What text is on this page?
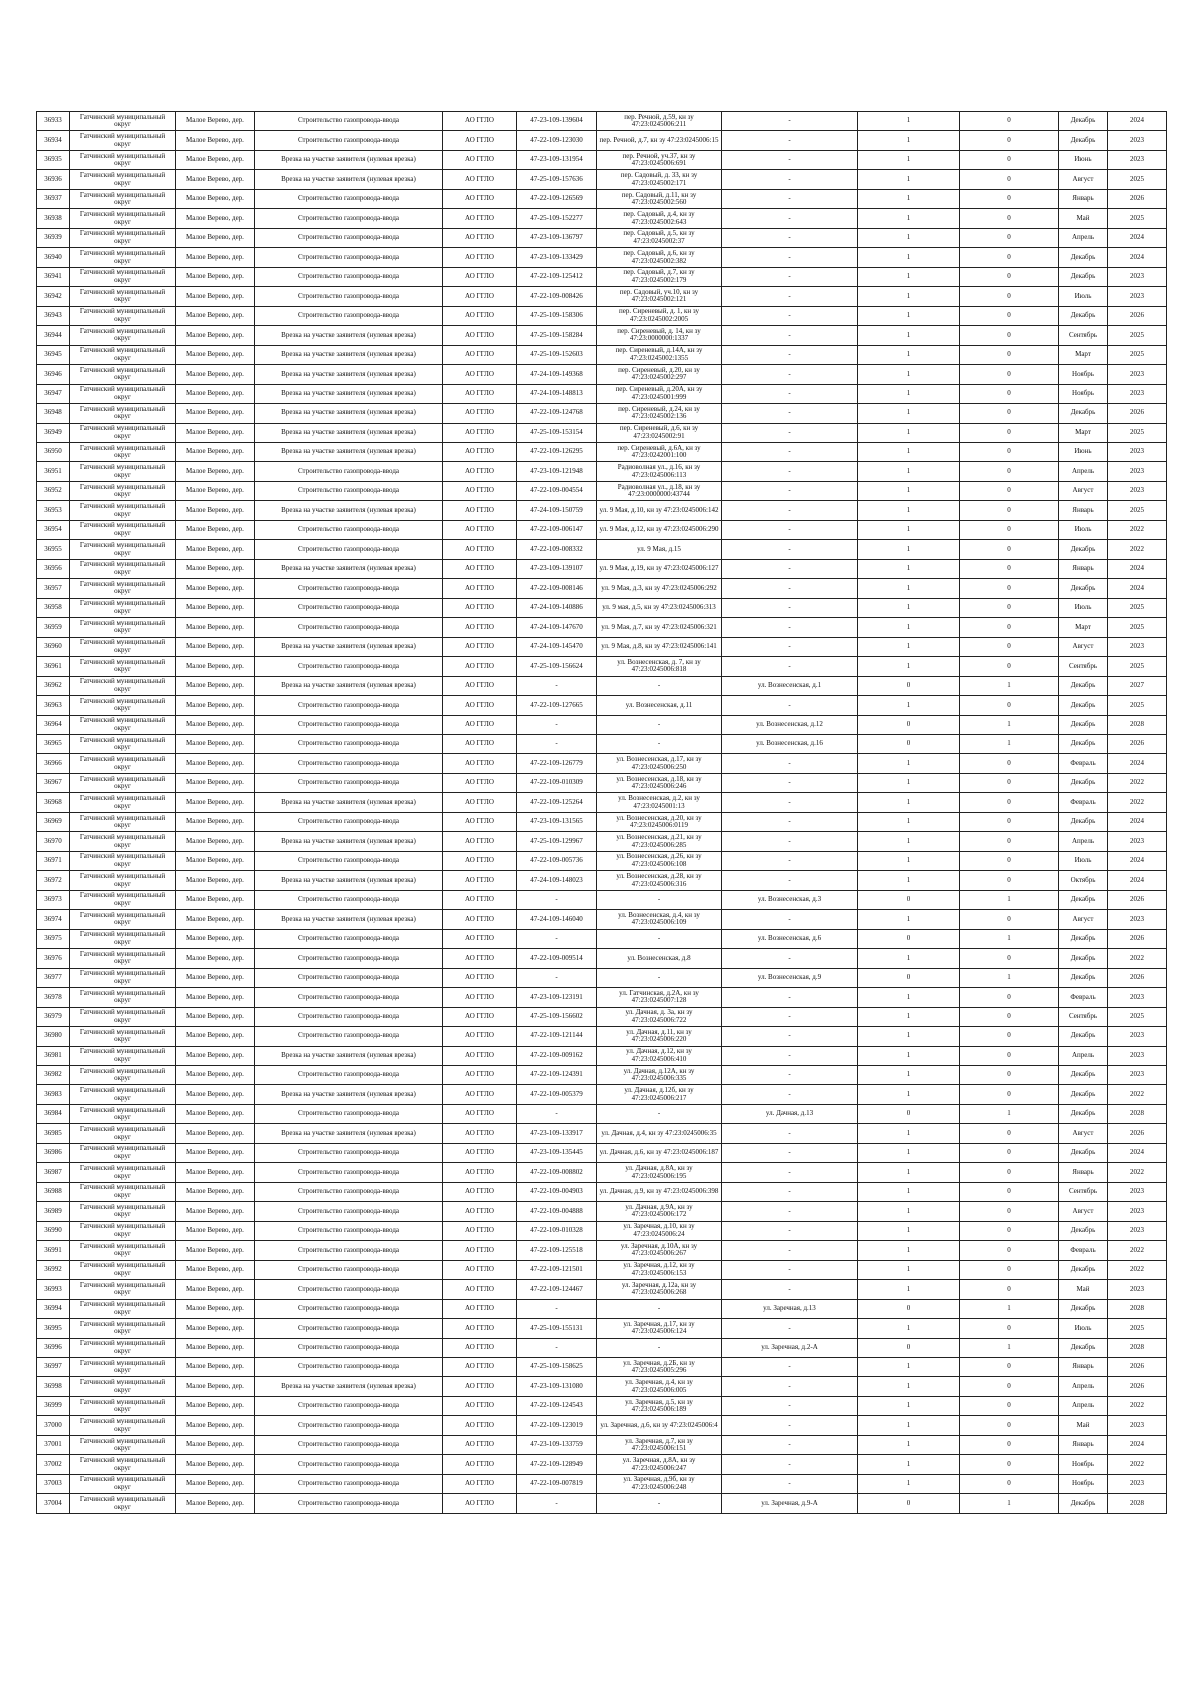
36933	Гатчинский муниципальный округ	Малое Верево, дер.	Строительство газопровода-ввода	АО ГГЛО	47-23-109-139604	пер. Речной, д.59, кн зу 47:23:0245006:211	-	1	0	Декабрь	2024
36934	Гатчинский муниципальный округ	Малое Верево, дер.	Строительство газопровода-ввода	АО ГГЛО	47-22-109-123030	пер. Речной, д.7, кн зу 47:23:0245006:15	-	1	0	Декабрь	2023
36935	Гатчинский муниципальный округ	Малое Верево, дер.	Врезка на участке заявителя (нулевая врезка)	АО ГГЛО	47-23-109-131954	пер. Речной, уч.37, кн зу 47:23:0245006:691	-	1	0	Июнь	2023
36936	Гатчинский муниципальный округ	Малое Верево, дер.	Врезка на участке заявителя (нулевая врезка)	АО ГГЛО	47-25-109-157636	пер. Садовый, д. 33, кн зу 47:23:0245002:171	-	1	0	Август	2025
36937	Гатчинский муниципальный округ	Малое Верево, дер.	Строительство газопровода-ввода	АО ГГЛО	47-22-109-126569	пер. Садовый, д.11, кн зу 47:23:0245002:560	-	1	0	Январь	2026
36938	Гатчинский муниципальный округ	Малое Верево, дер.	Строительство газопровода-ввода	АО ГГЛО	47-25-109-152277	пер. Садовый, д.4, кн зу 47:23:0245002:643	-	1	0	Май	2025
36939	Гатчинский муниципальный округ	Малое Верево, дер.	Строительство газопровода-ввода	АО ГГЛО	47-23-109-136797	пер. Садовый, д.5, кн зу 47:23:0245002:37	-	1	0	Апрель	2024
36940	Гатчинский муниципальный округ	Малое Верево, дер.	Строительство газопровода-ввода	АО ГГЛО	47-23-109-133429	пер. Садовый, д.6, кн зу 47:23:0245002:382	-	1	0	Декабрь	2024
36941	Гатчинский муниципальный округ	Малое Верево, дер.	Строительство газопровода-ввода	АО ГГЛО	47-22-109-125412	пер. Садовый, д.7, кн зу 47:23:0245002:179	-	1	0	Декабрь	2023
36942	Гатчинский муниципальный округ	Малое Верево, дер.	Строительство газопровода-ввода	АО ГГЛО	47-22-109-008426	пер. Садовый, уч.10, кн зу 47:23:0245002:121	-	1	0	Июль	2023
36943	Гатчинский муниципальный округ	Малое Верево, дер.	Строительство газопровода-ввода	АО ГГЛО	47-25-109-158306	пер. Сиреневый, д. 1, кн зу 47:23:0245002:2005	-	1	0	Декабрь	2026
36944	Гатчинский муниципальный округ	Малое Верево, дер.	Врезка на участке заявителя (нулевая врезка)	АО ГГЛО	47-25-109-158284	пер. Сиреневый, д. 14, кн зу 47:23:0000000:1337	-	1	0	Сентябрь	2025
36945	Гатчинский муниципальный округ	Малое Верево, дер.	Врезка на участке заявителя (нулевая врезка)	АО ГГЛО	47-25-109-152603	пер. Сиреневый, д.14А, кн зу 47:23:0245002:1355	-	1	0	Март	2025
36946	Гатчинский муниципальный округ	Малое Верево, дер.	Врезка на участке заявителя (нулевая врезка)	АО ГГЛО	47-24-109-149368	пер. Сиреневый, д.20, кн зу 47:23:0245002:297	-	1	0	Ноябрь	2023
36947	Гатчинский муниципальный округ	Малое Верево, дер.	Врезка на участке заявителя (нулевая врезка)	АО ГГЛО	47-24-109-148813	пер. Сиреневый, д.20А, кн зу 47:23:0245001:999	-	1	0	Ноябрь	2023
36948	Гатчинский муниципальный округ	Малое Верево, дер.	Врезка на участке заявителя (нулевая врезка)	АО ГГЛО	47-22-109-124768	пер. Сиреневый, д.24, кн зу 47:23:0245002:136	-	1	0	Декабрь	2026
36949	Гатчинский муниципальный округ	Малое Верево, дер.	Врезка на участке заявителя (нулевая врезка)	АО ГГЛО	47-25-109-153154	пер. Сиреневый, д.6, кн зу 47:23:0245002:91	-	1	0	Март	2025
36950	Гатчинский муниципальный округ	Малое Верево, дер.	Врезка на участке заявителя (нулевая врезка)	АО ГГЛО	47-22-109-126295	пер. Сиреневый, д.6А, кн зу 47:23:0242001:100	-	1	0	Июнь	2023
36951	Гатчинский муниципальный округ	Малое Верево, дер.	Строительство газопровода-ввода	АО ГГЛО	47-23-109-121948	Радиоволная ул., д.16, кн зу 47:23:0245006:113	-	1	0	Апрель	2023
36952	Гатчинский муниципальный округ	Малое Верево, дер.	Строительство газопровода-ввода	АО ГГЛО	47-22-109-004554	Радиоволная ул., д.18, кн зу 47:23:0000000:43744	-	1	0	Август	2023
36953	Гатчинский муниципальный округ	Малое Верево, дер.	Врезка на участке заявителя (нулевая врезка)	АО ГГЛО	47-24-109-150759	ул. 9 Мая, д.10, кн зу 47:23:0245006:142	-	1	0	Январь	2025
36954	Гатчинский муниципальный округ	Малое Верево, дер.	Строительство газопровода-ввода	АО ГГЛО	47-22-109-006147	ул. 9 Мая, д.12, кн зу 47:23:0245006:290	-	1	0	Июль	2022
36955	Гатчинский муниципальный округ	Малое Верево, дер.	Строительство газопровода-ввода	АО ГГЛО	47-22-109-008332	ул. 9 Мая, д.15	-	1	0	Декабрь	2022
36956	Гатчинский муниципальный округ	Малое Верево, дер.	Врезка на участке заявителя (нулевая врезка)	АО ГГЛО	47-23-109-139107	ул. 9 Мая, д.19, кн зу 47:23:0245006:127	-	1	0	Январь	2024
36957	Гатчинский муниципальный округ	Малое Верево, дер.	Строительство газопровода-ввода	АО ГГЛО	47-22-109-008146	ул. 9 Мая, д.3, кн зу 47:23:0245006:292	-	1	0	Декабрь	2024
36958	Гатчинский муниципальный округ	Малое Верево, дер.	Строительство газопровода-ввода	АО ГГЛО	47-24-109-140886	ул. 9 мая, д.5, кн зу 47:23:0245006:313	-	1	0	Июль	2025
36959	Гатчинский муниципальный округ	Малое Верево, дер.	Строительство газопровода-ввода	АО ГГЛО	47-24-109-147670	ул. 9 Мая, д.7, кн зу 47:23:0245006:321	-	1	0	Март	2025
36960	Гатчинский муниципальный округ	Малое Верево, дер.	Врезка на участке заявителя (нулевая врезка)	АО ГГЛО	47-24-109-145470	ул. 9 Мая, д.8, кн зу 47:23:0245006:141	-	1	0	Август	2023
36961	Гатчинский муниципальный округ	Малое Верево, дер.	Строительство газопровода-ввода	АО ГГЛО	47-25-109-156624	ул. Вознесенская, д. 7, кн зу 47:23:0245006:818	-	1	0	Сентябрь	2025
36962	Гатчинский муниципальный округ	Малое Верево, дер.	Врезка на участке заявителя (нулевая врезка)	АО ГГЛО	-	-	ул. Вознесенская, д.1	0	1	Декабрь	2027
36963	Гатчинский муниципальный округ	Малое Верево, дер.	Строительство газопровода-ввода	АО ГГЛО	47-22-109-127665	ул. Вознесенская, д.11	-	1	0	Декабрь	2025
36964	Гатчинский муниципальный округ	Малое Верево, дер.	Строительство газопровода-ввода	АО ГГЛО	-	-	ул. Вознесенская, д.12	0	1	Декабрь	2028
36965	Гатчинский муниципальный округ	Малое Верево, дер.	Строительство газопровода-ввода	АО ГГЛО	-	-	ул. Вознесенская, д.16	0	1	Декабрь	2026
36966	Гатчинский муниципальный округ	Малое Верево, дер.	Строительство газопровода-ввода	АО ГГЛО	47-22-109-126779	ул. Вознесенская, д.17, кн зу 47:23:0245006:250	-	1	0	Февраль	2024
36967	Гатчинский муниципальный округ	Малое Верево, дер.	Строительство газопровода-ввода	АО ГГЛО	47-22-109-010309	ул. Вознесенская, д.18, кн зу 47:23:0245006:246	-	1	0	Декабрь	2022
36968	Гатчинский муниципальный округ	Малое Верево, дер.	Врезка на участке заявителя (нулевая врезка)	АО ГГЛО	47-22-109-125264	ул. Вознесенская, д.2, кн зу 47:23:0245001:13	-	1	0	Февраль	2022
36969	Гатчинский муниципальный округ	Малое Верево, дер.	Строительство газопровода-ввода	АО ГГЛО	47-23-109-131565	ул. Вознесенская, д.20, кн зу 47:23:0245006:0119	-	1	0	Декабрь	2024
36970	Гатчинский муниципальный округ	Малое Верево, дер.	Врезка на участке заявителя (нулевая врезка)	АО ГГЛО	47-25-109-129967	ул. Вознесенская, д.21, кн зу 47:23:0245006:285	-	1	0	Апрель	2023
36971	Гатчинский муниципальный округ	Малое Верево, дер.	Строительство газопровода-ввода	АО ГГЛО	47-22-109-005736	ул. Вознесенская, д.26, кн зу 47:23:0245006:108	-	1	0	Июль	2024
36972	Гатчинский муниципальный округ	Малое Верево, дер.	Врезка на участке заявителя (нулевая врезка)	АО ГГЛО	47-24-109-148023	ул. Вознесенская, д.28, кн зу 47:23:0245006:316	-	1	0	Октябрь	2024
36973	Гатчинский муниципальный округ	Малое Верево, дер.	Строительство газопровода-ввода	АО ГГЛО	-	-	ул. Вознесенская, д.3	0	1	Декабрь	2026
36974	Гатчинский муниципальный округ	Малое Верево, дер.	Врезка на участке заявителя (нулевая врезка)	АО ГГЛО	47-24-109-146040	ул. Вознесенская, д.4, кн зу 47:23:0245006:109	-	1	0	Август	2023
36975	Гатчинский муниципальный округ	Малое Верево, дер.	Строительство газопровода-ввода	АО ГГЛО	-	-	ул. Вознесенская, д.6	0	1	Декабрь	2026
36976	Гатчинский муниципальный округ	Малое Верево, дер.	Строительство газопровода-ввода	АО ГГЛО	47-22-109-009514	ул. Вознесенская, д.8	-	1	0	Декабрь	2022
36977	Гатчинский муниципальный округ	Малое Верево, дер.	Строительство газопровода-ввода	АО ГГЛО	-	-	ул. Вознесенская, д.9	0	1	Декабрь	2026
36978	Гатчинский муниципальный округ	Малое Верево, дер.	Строительство газопровода-ввода	АО ГГЛО	47-23-109-123191	ул. Гатчинская, д.2А, кн зу 47:23:0245007:128	-	1	0	Февраль	2023
36979	Гатчинский муниципальный округ	Малое Верево, дер.	Строительство газопровода-ввода	АО ГГЛО	47-25-109-156602	ул. Дачная, д. 3а, кн зу 47:23:0245006:722	-	1	0	Сентябрь	2025
36980	Гатчинский муниципальный округ	Малое Верево, дер.	Строительство газопровода-ввода	АО ГГЛО	47-22-109-121144	ул. Дачная, д.11, кн зу 47:23:0245006:220	-	1	0	Декабрь	2023
36981	Гатчинский муниципальный округ	Малое Верево, дер.	Врезка на участке заявителя (нулевая врезка)	АО ГГЛО	47-22-109-009162	ул. Дачная, д.12, кн зу 47:23:0245006:410	-	1	0	Апрель	2023
36982	Гатчинский муниципальный округ	Малое Верево, дер.	Строительство газопровода-ввода	АО ГГЛО	47-22-109-124391	ул. Дачная, д.12А, кн зу 47:23:0245006:335	-	1	0	Декабрь	2023
36983	Гатчинский муниципальный округ	Малое Верево, дер.	Врезка на участке заявителя (нулевая врезка)	АО ГГЛО	47-22-109-005379	ул. Дачная, д.12б, кн зу 47:23:0245006:217	-	1	0	Декабрь	2022
36984	Гатчинский муниципальный округ	Малое Верево, дер.	Строительство газопровода-ввода	АО ГГЛО	-	-	ул. Дачная, д.13	0	1	Декабрь	2028
36985	Гатчинский муниципальный округ	Малое Верево, дер.	Врезка на участке заявителя (нулевая врезка)	АО ГГЛО	47-23-109-133917	ул. Дачная, д.4, кн зу 47:23:0245006:35	-	1	0	Август	2026
36986	Гатчинский муниципальный округ	Малое Верево, дер.	Строительство газопровода-ввода	АО ГГЛО	47-23-109-135445	ул. Дачная, д.6, кн зу 47:23:0245006:187	-	1	0	Декабрь	2024
36987	Гатчинский муниципальный округ	Малое Верево, дер.	Строительство газопровода-ввода	АО ГГЛО	47-22-109-008802	ул. Дачная, д.8А, кн зу 47:23:0245006:195	-	1	0	Январь	2022
36988	Гатчинский муниципальный округ	Малое Верево, дер.	Строительство газопровода-ввода	АО ГГЛО	47-22-109-004903	ул. Дачная, д.9, кн зу 47:23:0245006:398	-	1	0	Сентябрь	2023
36989	Гатчинский муниципальный округ	Малое Верево, дер.	Строительство газопровода-ввода	АО ГГЛО	47-22-109-004888	ул. Дачная, д.9А, кн зу 47:23:0245006:172	-	1	0	Август	2023
36990	Гатчинский муниципальный округ	Малое Верево, дер.	Строительство газопровода-ввода	АО ГГЛО	47-22-109-010328	ул. Заречная, д.10, кн зу 47:23:0245006:24	-	1	0	Декабрь	2023
36991	Гатчинский муниципальный округ	Малое Верево, дер.	Строительство газопровода-ввода	АО ГГЛО	47-22-109-125518	ул. Заречная, д.10А, кн зу 47:23:0245006:267	-	1	0	Февраль	2022
36992	Гатчинский муниципальный округ	Малое Верево, дер.	Строительство газопровода-ввода	АО ГГЛО	47-22-109-121501	ул. Заречная, д.12, кн зу 47:23:0245006:153	-	1	0	Декабрь	2022
36993	Гатчинский муниципальный округ	Малое Верево, дер.	Строительство газопровода-ввода	АО ГГЛО	47-22-109-124467	ул. Заречная, д.12а, кн зу 47:23:0245006:268	-	1	0	Май	2023
36994	Гатчинский муниципальный округ	Малое Верево, дер.	Строительство газопровода-ввода	АО ГГЛО	-	-	ул. Заречная, д.13	0	1	Декабрь	2028
36995	Гатчинский муниципальный округ	Малое Верево, дер.	Строительство газопровода-ввода	АО ГГЛО	47-25-109-155131	ул. Заречная, д.17, кн зу 47:23:0245006:124	-	1	0	Июль	2025
36996	Гатчинский муниципальный округ	Малое Верево, дер.	Строительство газопровода-ввода	АО ГГЛО	-	-	ул. Заречная, д.2-А	0	1	Декабрь	2028
36997	Гатчинский муниципальный округ	Малое Верево, дер.	Строительство газопровода-ввода	АО ГГЛО	47-25-109-158625	ул. Заречная, д.2Б, кн зу 47:23:0245005:296	-	1	0	Январь	2026
36998	Гатчинский муниципальный округ	Малое Верево, дер.	Врезка на участке заявителя (нулевая врезка)	АО ГГЛО	47-23-109-131080	ул. Заречная, д.4, кн зу 47:23:0245006:005	-	1	0	Апрель	2026
36999	Гатчинский муниципальный округ	Малое Верево, дер.	Строительство газопровода-ввода	АО ГГЛО	47-22-109-124543	ул. Заречная, д.5, кн зу 47:23:0245006:189	-	1	0	Апрель	2022
37000	Гатчинский муниципальный округ	Малое Верево, дер.	Строительство газопровода-ввода	АО ГГЛО	47-22-109-123019	ул. Заречная, д.6, кн зу 47:23:0245006:4	-	1	0	Май	2023
37001	Гатчинский муниципальный округ	Малое Верево, дер.	Строительство газопровода-ввода	АО ГГЛО	47-23-109-133759	ул. Заречная, д.7, кн зу 47:23:0245006:151	-	1	0	Январь	2024
37002	Гатчинский муниципальный округ	Малое Верево, дер.	Строительство газопровода-ввода	АО ГГЛО	47-22-109-128949	ул. Заречная, д.8А, кн зу 47:23:0245006:247	-	1	0	Ноябрь	2022
37003	Гатчинский муниципальный округ	Малое Верево, дер.	Строительство газопровода-ввода	АО ГГЛО	47-22-109-007819	ул. Заречная, д.9б, кн зу 47:23:0245006:248	-	1	0	Ноябрь	2023
37004	Гатчинский муниципальный округ	Малое Верево, дер.	Строительство газопровода-ввода	АО ГГЛО	-	-	ул. Заречная, д.9-А	0	1	Декабрь	2028
